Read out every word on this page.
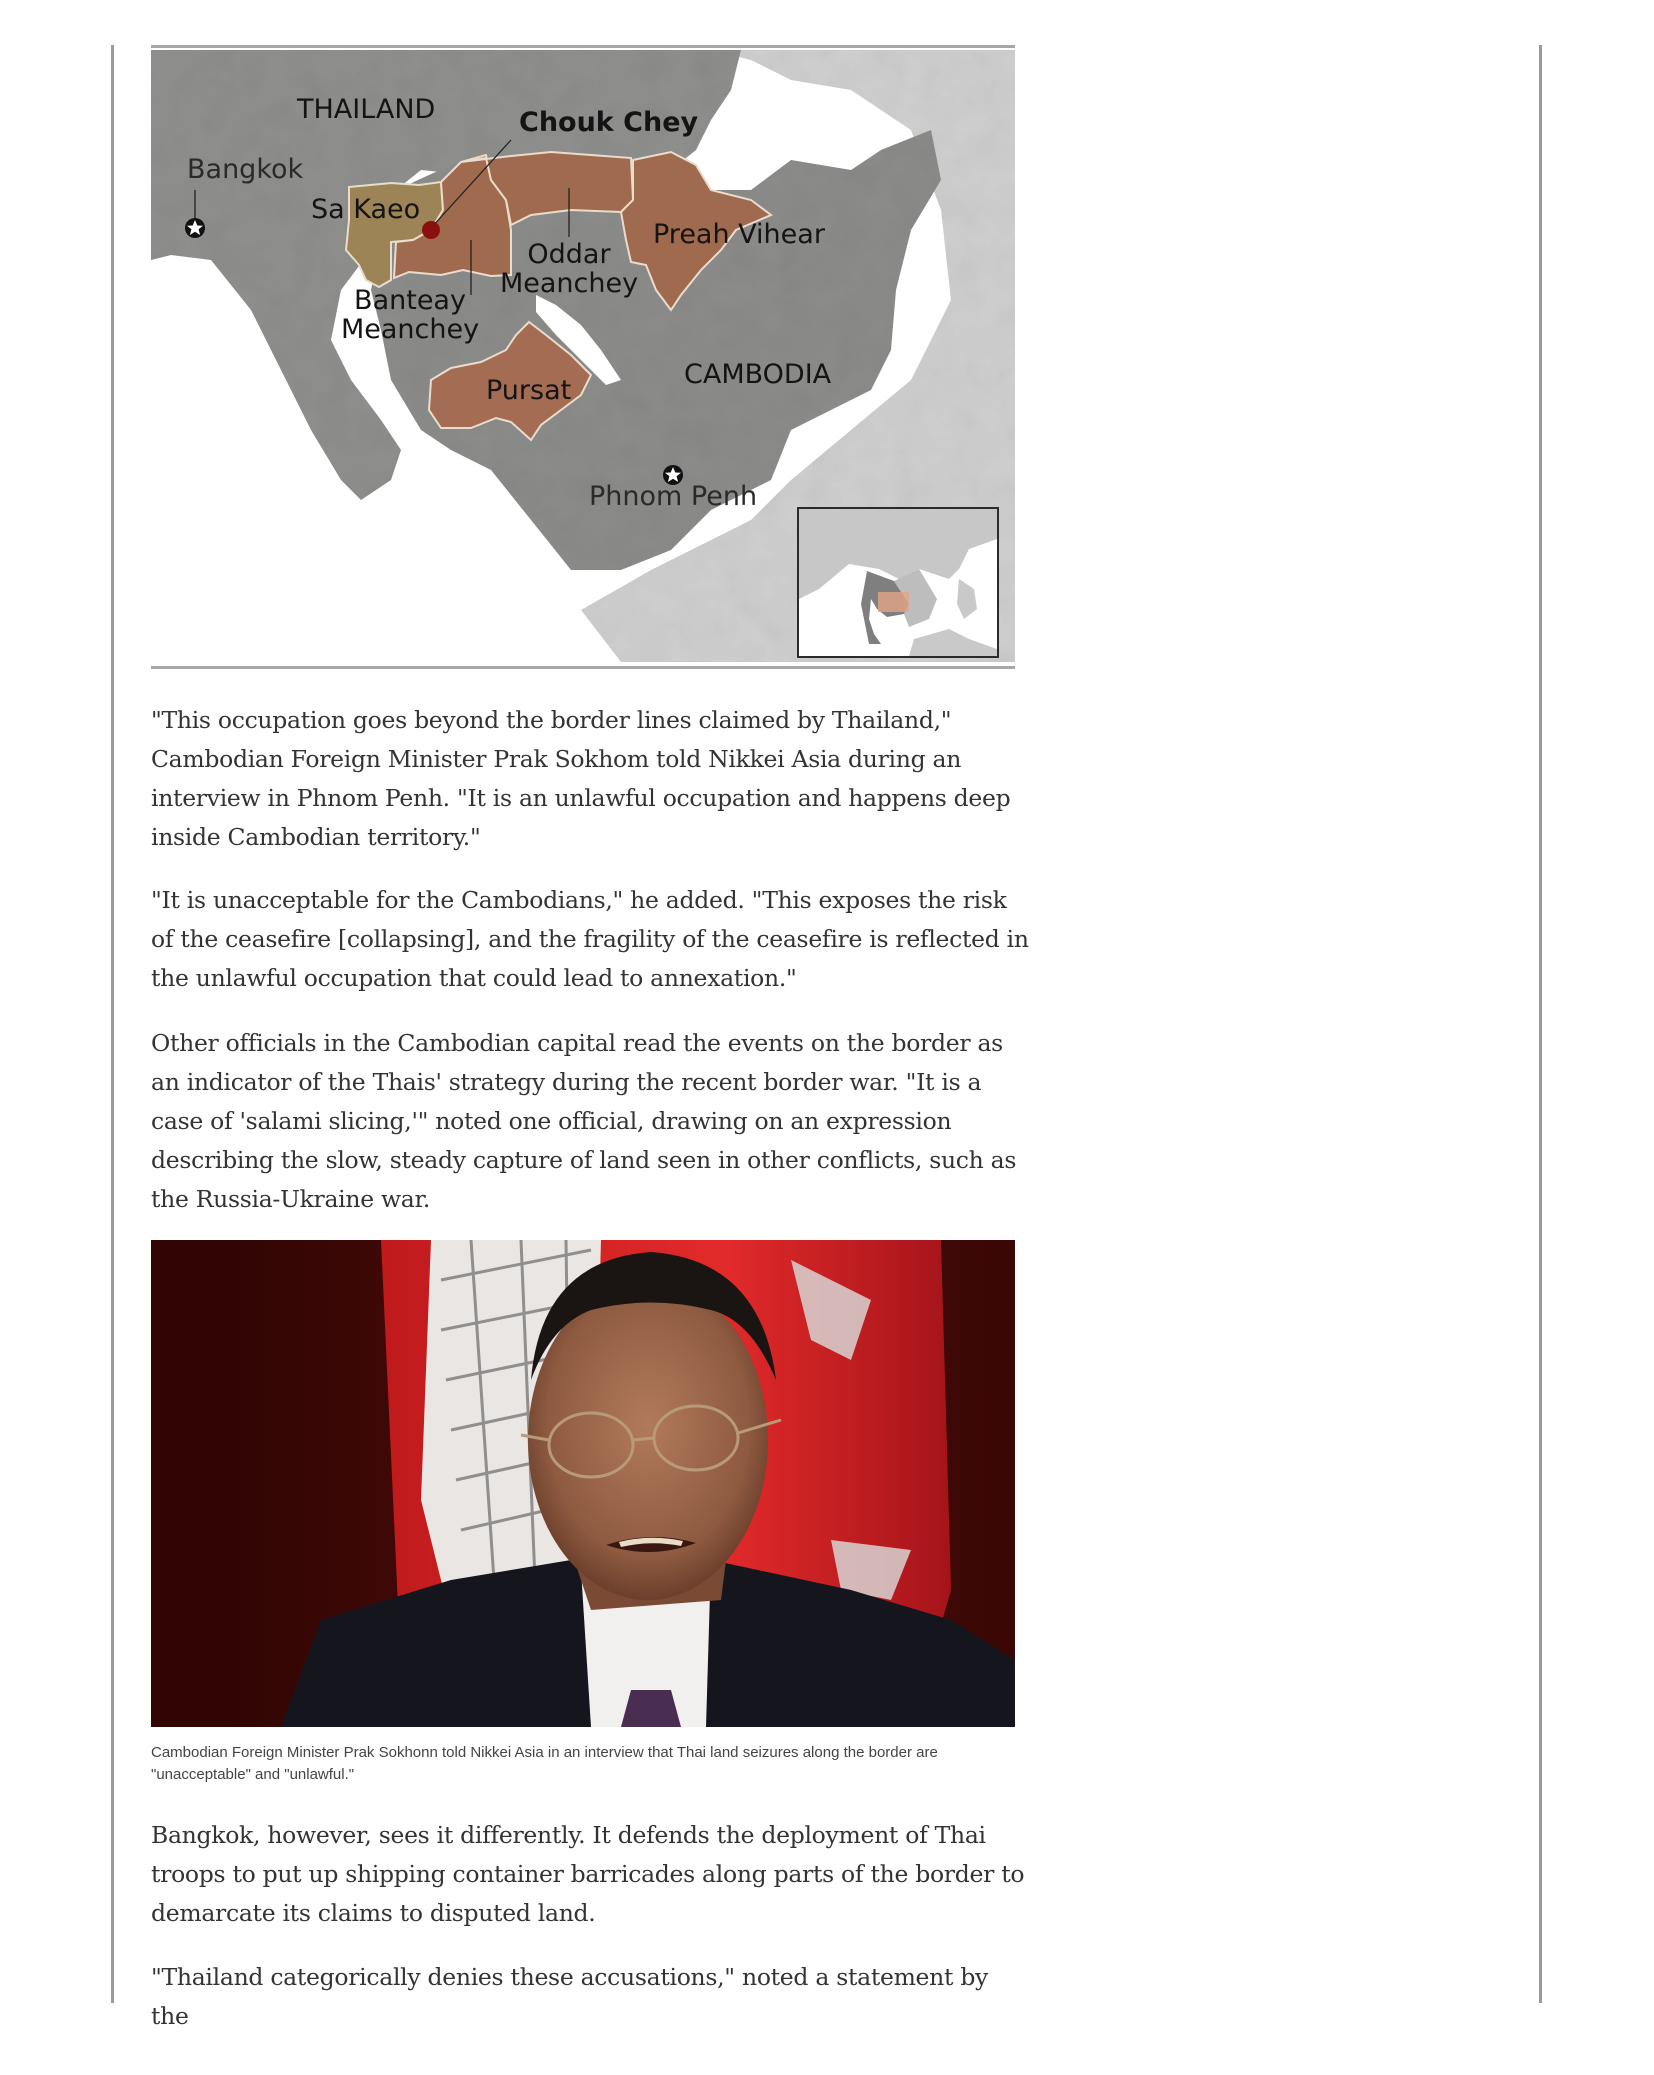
THAILAND	Chouk Chey
Bangkok
Sa Kaeo
Preah Vihear
Oddar
Meanchey
Banteay
Meanchey
CAMBODIA
Pursat
Phnom Penh

"This occupation goes beyond the border lines claimed by Thailand," Cambodian Foreign Minister Prak Sokhom told Nikkei Asia during an interview in Phnom Penh. "It is an unlawful occupation and happens deep inside Cambodian territory."

"It is unacceptable for the Cambodians," he added. "This exposes the risk of the ceasefire [collapsing], and the fragility of the ceasefire is reflected in the unlawful occupation that could lead to annexation."

Other officials in the Cambodian capital read the events on the border as an indicator of the Thais' strategy during the recent border war. "It is a case of 'salami slicing,'" noted one official, drawing on an expression describing the slow, steady capture of land seen in other conflicts, such as the Russia-Ukraine war.

Cambodian Foreign Minister Prak Sokhonn told Nikkei Asia in an interview that Thai land seizures along the border are "unacceptable" and "unlawful."

Bangkok, however, sees it differently. It defends the deployment of Thai troops to put up shipping container barricades along parts of the border to demarcate its claims to disputed land.

"Thailand categorically denies these accusations," noted a statement by the
